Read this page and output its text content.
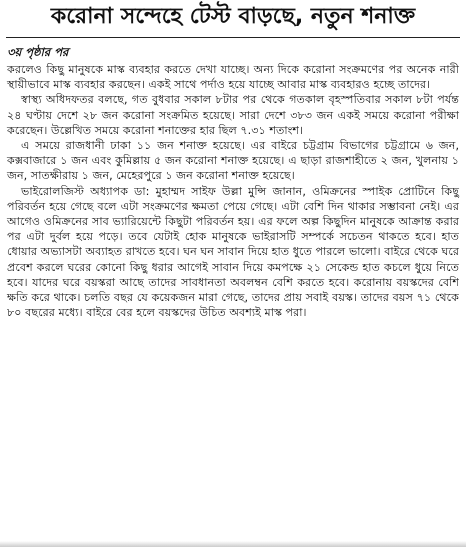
করোনা সন্দেহে টেস্ট বাড়ছে, নতুন শনাক্ত
৩য় পৃষ্ঠার পর

করলেও কিছু মানুষকে মাস্ক ব্যবহার করতে দেখা যাচ্ছে। অন্য দিকে করোনা সংক্রমণের পর অনেক নারী স্থায়ীভাবে মাস্ক ব্যবহার করছেন। একই সাথে পর্দাও হয়ে যাচ্ছে আবার মাস্ক ব্যবহারও হচ্ছে তাদের।

স্বাস্থ্য অধিদফতর বলছে, গত বুধবার সকাল ৮টার পর থেকে গতকাল বৃহস্পতিবার সকাল ৮টা পর্যন্ত ২৪ ঘণ্টায় দেশে ২৮ জন করোনা সংক্রমিত হয়েছে। সারা দেশে ৩৮৩ জন একই সময়ে করোনা পরীক্ষা করেছেন। উল্লেখিত সময়ে করোনা শনাক্তের হার ছিল ৭.৩১ শতাংশ।

এ সময়ে রাজধানী ঢাকা ১১ জন শনাক্ত হয়েছে। এর বাইরে চট্টগ্রাম বিভাগের চট্টগ্রামে ৬ জন, কক্সবাজারে ১ জন এবং কুমিল্লায় ৫ জন করোনা শনাক্ত হয়েছে। এ ছাড়া রাজশাহীতে ২ জন, খুলনায় ১ জন, সাতক্ষীরায় ১ জন, মেহেরপুরে ১ জন করোনা শনাক্ত হয়েছে।

ভাইরোলজিস্ট অধ্যাপক ডা: মুহাম্মদ সাইফ উল্লা মুন্সি জানান, ওমিক্রনের স্পাইক প্রোটিনে কিছু পরিবর্তন হয়ে গেছে বলে এটা সংক্রমণের ক্ষমতা পেয়ে গেছে। এটা বেশি দিন থাকার সম্ভাবনা নেই। এর আগেও ওমিক্রনের সাব ভ্যারিয়েন্টে কিছুটা পরিবর্তন হয়। এর ফলে অল্প কিছুদিন মানুষকে আক্রান্ত করার পর এটা দুর্বল হয়ে পড়ে। তবে যেটাই হোক মানুষকে ভাইরাসটি সম্পর্কে সচেতন থাকতে হবে। হাত ধোয়ার অভ্যাসটা অব্যাহত রাখতে হবে। ঘন ঘন সাবান দিয়ে হাত ধুতে পারলে ভালো। বাইরে থেকে ঘরে প্রবেশ করলে ঘরের কোনো কিছু ধরার আগেই সাবান দিয়ে কমপক্ষে ২১ সেকেন্ড হাত কচলে ধুয়ে নিতে হবে। যাদের ঘরে বয়স্করা আছে তাদের সাবধানতা অবলম্বন বেশি করতে হবে। করোনায় বয়স্কদের বেশি ক্ষতি করে থাকে। চলতি বছর যে কয়েকজন মারা গেছে, তাদের প্রায় সবাই বয়স্ক। তাদের বয়স ৭১ থেকে ৮০ বছরের মধ্যে। বাইরে বের হলে বয়স্কদের উচিত অবশ্যই মাস্ক পরা।
